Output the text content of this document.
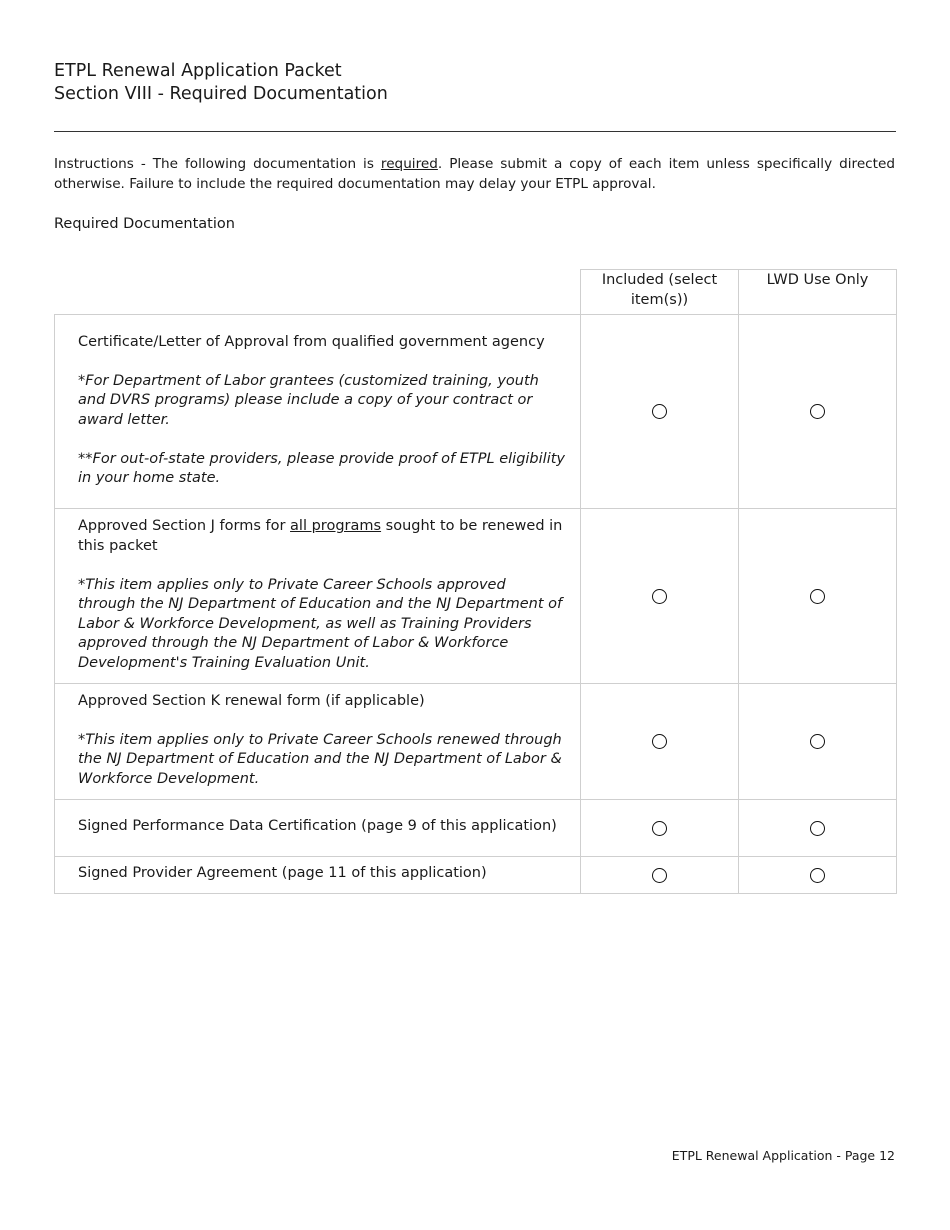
ETPL Renewal Application Packet
Section VIII - Required Documentation
Instructions - The following documentation is required. Please submit a copy of each item unless specifically directed otherwise. Failure to include the required documentation may delay your ETPL approval.
Required Documentation
	Included (select item(s))	LWD Use Only

Certificate/Letter of Approval from qualified government agency
*For Department of Labor grantees (customized training, youth and DVRS programs) please include a copy of your contract or award letter.
**For out-of-state providers, please provide proof of ETPL eligibility in your home state.		

Approved Section J forms for all programs sought to be renewed in this packet
*This item applies only to Private Career Schools approved through the NJ Department of Education and the NJ Department of Labor & Workforce Development, as well as Training Providers approved through the NJ Department of Labor & Workforce Development's Training Evaluation Unit.		

Approved Section K renewal form (if applicable)
*This item applies only to Private Career Schools renewed through the NJ Department of Education and the NJ Department of Labor & Workforce Development.		

Signed Performance Data Certification (page 9 of this application)		

Signed Provider Agreement (page 11 of this application)		

ETPL Renewal Application - Page 12
